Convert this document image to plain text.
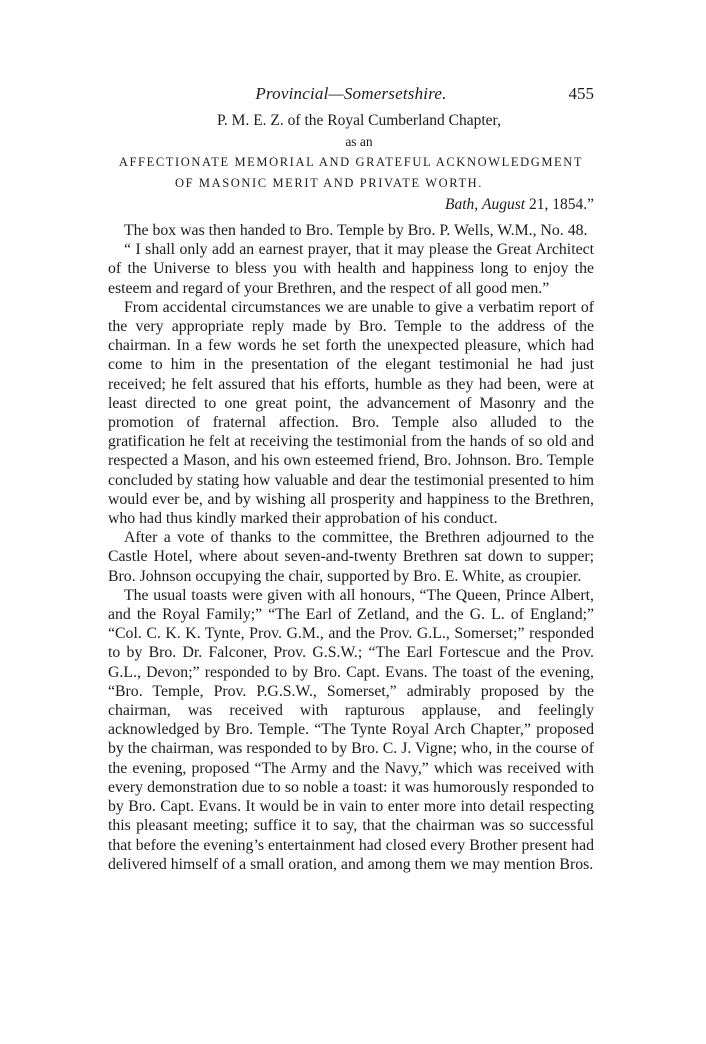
Provincial—Somersetshire.	455
P. M. E. Z. of the Royal Cumberland Chapter,
as an
AFFECTIONATE MEMORIAL AND GRATEFUL ACKNOWLEDGMENT
OF MASONIC MERIT AND PRIVATE WORTH.
Bath, August 21, 1854.”

The box was then handed to Bro. Temple by Bro. P. Wells, W.M., No. 48.

“ I shall only add an earnest prayer, that it may please the Great Architect of the Universe to bless you with health and happiness long to enjoy the esteem and regard of your Brethren, and the respect of all good men.”

From accidental circumstances we are unable to give a verbatim report of the very appropriate reply made by Bro. Temple to the address of the chairman. In a few words he set forth the unexpected pleasure, which had come to him in the presentation of the elegant testimonial he had just received; he felt assured that his efforts, humble as they had been, were at least directed to one great point, the advancement of Masonry and the promotion of fraternal affection. Bro. Temple also alluded to the gratification he felt at receiving the testimonial from the hands of so old and respected a Mason, and his own esteemed friend, Bro. Johnson. Bro. Temple concluded by stating how valuable and dear the testimonial presented to him would ever be, and by wishing all prosperity and happiness to the Brethren, who had thus kindly marked their approbation of his conduct.

After a vote of thanks to the committee, the Brethren adjourned to the Castle Hotel, where about seven-and-twenty Brethren sat down to supper; Bro. Johnson occupying the chair, supported by Bro. E. White, as croupier.

The usual toasts were given with all honours, “The Queen, Prince Albert, and the Royal Family;” “The Earl of Zetland, and the G. L. of England;” “Col. C. K. K. Tynte, Prov. G.M., and the Prov. G.L., Somerset;” responded to by Bro. Dr. Falconer, Prov. G.S.W.; “The Earl Fortescue and the Prov. G.L., Devon;” responded to by Bro. Capt. Evans. The toast of the evening, “Bro. Temple, Prov. P.G.S.W., Somerset,” admirably proposed by the chairman, was received with rapturous applause, and feelingly acknowledged by Bro. Temple. “The Tynte Royal Arch Chapter,” proposed by the chairman, was responded to by Bro. C. J. Vigne; who, in the course of the evening, proposed “The Army and the Navy,” which was received with every demonstration due to so noble a toast: it was humorously responded to by Bro. Capt. Evans. It would be in vain to enter more into detail respecting this pleasant meeting; suffice it to say, that the chairman was so successful that before the evening’s entertainment had closed every Brother present had delivered himself of a small oration, and among them we may mention Bros.
